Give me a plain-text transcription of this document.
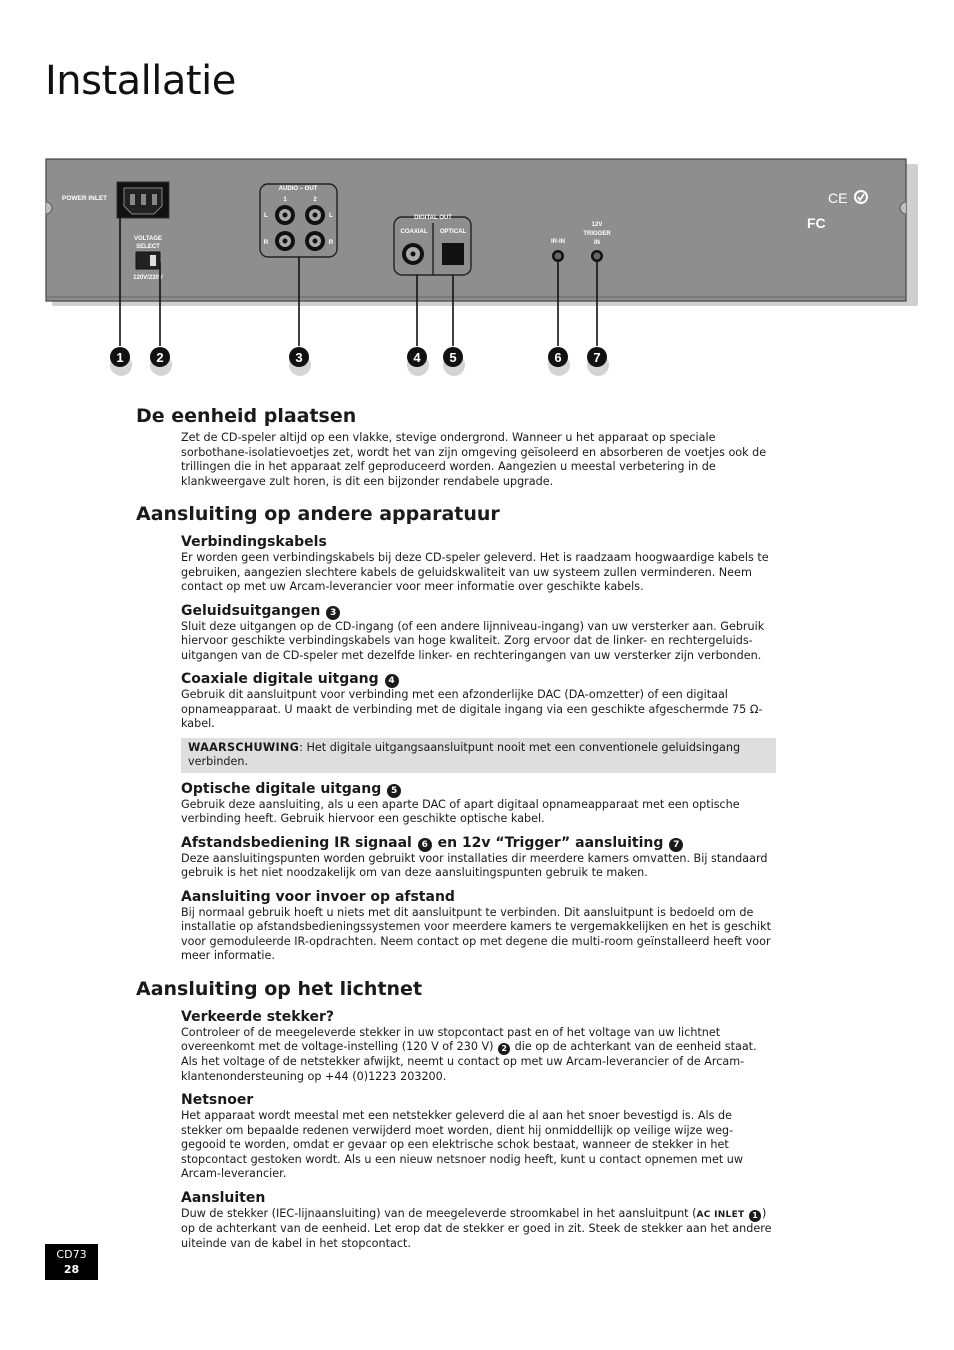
Installatie
POWER INLET
VOLTAGE
SELECT
120V/230V
AUDIO – OUT
1	2
L	L
R	R
DIGITAL OUT
COAXIAL OPTICAL
IR-IN
12V
TRIGGER
IN
CE
FC
1	2	3	4 5	6 7
De eenheid plaatsen

Zet de CD-speler altijd op een vlakke, stevige ondergrond. Wanneer u het apparaat op speciale sorbothane-isolatievoetjes zet, wordt het van zijn omgeving geïsoleerd en absorberen de voetjes ook de trillingen die in het apparaat zelf geproduceerd worden. Aangezien u meestal verbetering in de klankweergave zult horen, is dit een bijzonder rendabele upgrade.

Aansluiting op andere apparatuur
Verbindingskabels

Er worden geen verbindingskabels bij deze CD-speler geleverd. Het is raadzaam hoogwaardige kabels te gebruiken, aangezien slechtere kabels de geluidskwaliteit van uw systeem zullen verminderen. Neem contact op met uw Arcam-leverancier voor meer informatie over geschikte kabels.

Geluidsuitgangen 3

Sluit deze uitgangen op de CD-ingang (of een andere lijnniveau-ingang) van uw versterker aan. Gebruik hiervoor geschikte verbindingskabels van hoge kwaliteit. Zorg ervoor dat de linker- en rechtergeluids-uitgangen van de CD-speler met dezelfde linker- en rechteringangen van uw versterker zijn verbonden.

Coaxiale digitale uitgang 4

Gebruik dit aansluitpunt voor verbinding met een afzonderlijke DAC (DA-omzetter) of een digitaal opnameapparaat. U maakt de verbinding met de digitale ingang via een geschikte afgeschermde 75 Ω-kabel.

WAARSCHUWING: Het digitale uitgangsaansluitpunt nooit met een conventionele geluidsingang verbinden.
Optische digitale uitgang 5

Gebruik deze aansluiting, als u een aparte DAC of apart digitaal opnameapparaat met een optische verbinding heeft. Gebruik hiervoor een geschikte optische kabel.

Afstandsbediening IR signaal 6 en 12v “Trigger” aansluiting 7

Deze aansluitingspunten worden gebruikt voor installaties dir meerdere kamers omvatten. Bij standaard gebruik is het niet noodzakelijk om van deze aansluitingspunten gebruik te maken.

Aansluiting voor invoer op afstand

Bij normaal gebruik hoeft u niets met dit aansluitpunt te verbinden. Dit aansluitpunt is bedoeld om de installatie op afstandsbedieningssystemen voor meerdere kamers te vergemakkelijken en het is geschikt voor gemoduleerde IR-opdrachten. Neem contact op met degene die multi-room geïnstalleerd heeft voor meer informatie.

Aansluiting op het lichtnet
Verkeerde stekker?

Controleer of de meegeleverde stekker in uw stopcontact past en of het voltage van uw lichtnet overeenkomt met de voltage-instelling (120 V of 230 V) 2 die op de achterkant van de eenheid staat. Als het voltage of de netstekker afwijkt, neemt u contact op met uw Arcam-leverancier of de Arcam-klantenondersteuning op +44 (0)1223 203200.

Netsnoer

Het apparaat wordt meestal met een netstekker geleverd die al aan het snoer bevestigd is. Als de stekker om bepaalde redenen verwijderd moet worden, dient hij onmiddellijk op veilige wijze weg-gegooid te worden, omdat er gevaar op een elektrische schok bestaat, wanneer de stekker in het stopcontact gestoken wordt. Als u een nieuw netsnoer nodig heeft, kunt u contact opnemen met uw Arcam-leverancier.

Aansluiten

Duw de stekker (IEC-lijnaansluiting) van de meegeleverde stroomkabel in het aansluitpunt (AC INLET 1 ) op de achterkant van de eenheid. Let erop dat de stekker er goed in zit. Steek de stekker aan het andere uiteinde van de kabel in het stopcontact.

CD73
28
